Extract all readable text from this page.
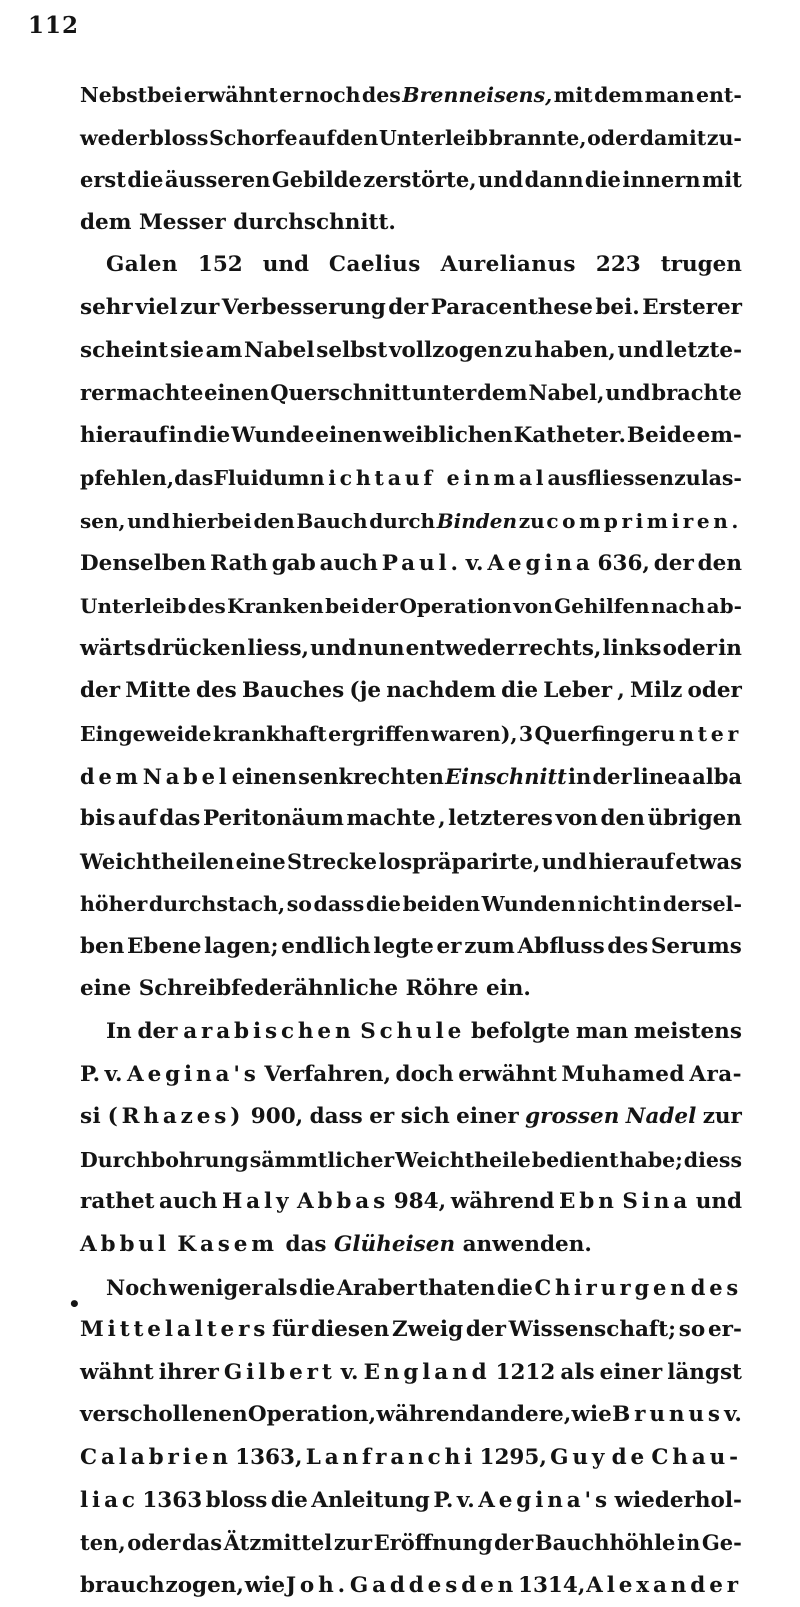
112
Nebstbei erwähnt er noch des Brenneisens, mit dem man ent-
weder bloss Schorfe auf den Unterleib brannte, oder damit zu-
erst die äusseren Gebilde zerstörte, und dann die innern mit
dem Messer durchschnitt.
Galen 152 und Caelius Aurelianus 223 trugen
sehr viel zur Verbesserung der Paracenthese bei. Ersterer
scheint sie am Nabel selbst vollzogen zu haben, und letzte-
rer machte einen Querschnitt unter dem Nabel, und brachte
hierauf in die Wunde einen weiblichen Katheter. Beide em-
pfehlen, das Fluidum nicht auf einmal ausfliessen zu las-
sen, und hierbei den Bauch durch Binden zu comprimiren.
Denselben Rath gab auch Paul. v. Aegina 636, der den
Unterleib des Kranken bei der Operation von Gehilfen nach ab-
wärts drücken liess, und nun entweder rechts, links oder in
der Mitte des Bauches (je nachdem die Leber , Milz oder
Eingeweide krankhaft ergriffen waren), 3 Querfinger unter
dem Nabel einen senkrechten Einschnitt in der linea alba
bis auf das Peritonäum machte , letzteres von den übrigen
Weichtheilen eine Strecke lospräparirte, und hierauf etwas
höher durchstach, so dass die beiden Wunden nicht in dersel-
ben Ebene lagen; endlich legte er zum Abfluss des Serums
eine Schreibfederähnliche Röhre ein.
In der arabischen Schule befolgte man meistens
P. v. Aegina's Verfahren, doch erwähnt Muhamed Ara-
si (Rhazes) 900, dass er sich einer grossen Nadel zur
Durchbohrung sämmtlicher Weichtheile bedient habe; diess
rathet auch Haly Abbas 984, während Ebn Sina und
Abbul Kasem das Glüheisen anwenden.
Noch weniger als die Araber thaten die Chirurgen des
Mittelalters für diesen Zweig der Wissenschaft; so er-
wähnt ihrer Gilbert v. England 1212 als einer längst
verschollenen Operation, während andere, wie Brunus v.
Calabrien 1363, Lanfranchi 1295, Guy de Chau-
liac 1363 bloss die Anleitung P. v. Aegina's wiederhol-
ten, oder das Ätzmittel zur Eröffnung der Bauchhöhle in Ge-
brauch zogen, wie Joh. Gaddesden 1314, Alexander
•
